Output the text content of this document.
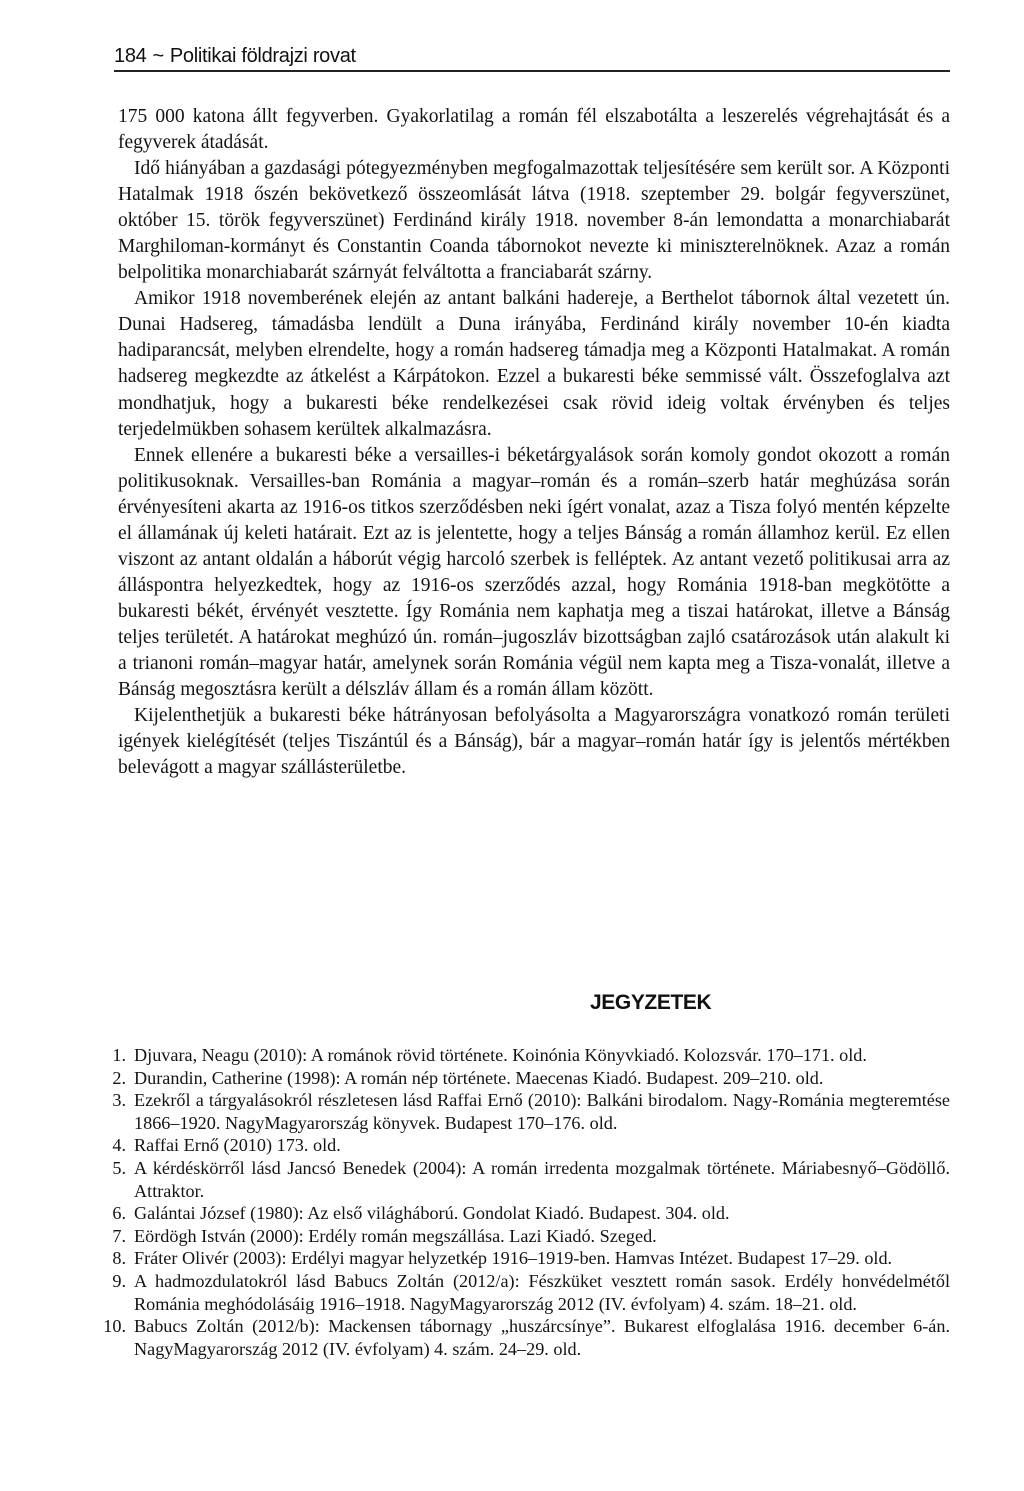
184 ~ Politikai földrajzi rovat

175 000 katona állt fegyverben. Gyakorlatilag a román fél elszabotálta a leszerelés végrehajtását és a fegyverek átadását.

Idő hiányában a gazdasági pótegyezményben megfogalmazottak teljesítésére sem került sor. A Központi Hatalmak 1918 őszén bekövetkező összeomlását látva (1918. szeptember 29. bolgár fegyverszünet, október 15. török fegyverszünet) Ferdinánd király 1918. november 8-án lemondatta a monarchiabarát Marghiloman-kormányt és Constantin Coanda tábornokot nevezte ki miniszterelnöknek. Azaz a román belpolitika monarchiabarát szárnyát felváltotta a franciabarát szárny.

Amikor 1918 novemberének elején az antant balkáni hadereje, a Berthelot tábornok által vezetett ún. Dunai Hadsereg, támadásba lendült a Duna irányába, Ferdinánd király november 10-én kiadta hadiparancsát, melyben elrendelte, hogy a román hadsereg támadja meg a Központi Hatalmakat. A román hadsereg megkezdte az átkelést a Kárpátokon. Ezzel a bukaresti béke semmissé vált. Összefoglalva azt mondhatjuk, hogy a bukaresti béke rendelkezései csak rövid ideig voltak érvényben és teljes terjedelmükben sohasem kerültek alkalmazásra.

Ennek ellenére a bukaresti béke a versailles-i béketárgyalások során komoly gondot okozott a román politikusoknak. Versailles-ban Románia a magyar–román és a román–szerb határ meghúzása során érvényesíteni akarta az 1916-os titkos szerződésben neki ígért vonalat, azaz a Tisza folyó mentén képzelte el államának új keleti határait. Ezt az is jelentette, hogy a teljes Bánság a román államhoz kerül. Ez ellen viszont az antant oldalán a háborút végig harcoló szerbek is felléptek. Az antant vezető politikusai arra az álláspontra helyezkedtek, hogy az 1916-os szerződés azzal, hogy Románia 1918-ban megkötötte a bukaresti békét, érvényét vesztette. Így Románia nem kaphatja meg a tiszai határokat, illetve a Bánság teljes területét. A határokat meghúzó ún. román–jugoszláv bizottságban zajló csatározások után alakult ki a trianoni román–magyar határ, amelynek során Románia végül nem kapta meg a Tisza-vonalát, illetve a Bánság megosztásra került a délszláv állam és a román állam között.

Kijelenthetjük a bukaresti béke hátrányosan befolyásolta a Magyarországra vonatkozó román területi igények kielégítését (teljes Tiszántúl és a Bánság), bár a magyar–román határ így is jelentős mértékben belevágott a magyar szállásterületbe.

JEGYZETEK

1. Djuvara, Neagu (2010): A románok rövid története. Koinónia Könyvkiadó. Kolozsvár. 170–171. old.

2. Durandin, Catherine (1998): A román nép története. Maecenas Kiadó. Budapest. 209–210. old.

3. Ezekről a tárgyalásokról részletesen lásd Raffai Ernő (2010): Balkáni birodalom. Nagy-Románia megteremtése 1866–1920. NagyMagyarország könyvek. Budapest 170–176. old.

4. Raffai Ernő (2010) 173. old.

5. A kérdéskörről lásd Jancsó Benedek (2004): A román irredenta mozgalmak története. Máriabesnyő–Gödöllő. Attraktor.

6. Galántai József (1980): Az első világháború. Gondolat Kiadó. Budapest. 304. old.

7. Eördögh István (2000): Erdély román megszállása. Lazi Kiadó. Szeged.

8. Fráter Olivér (2003): Erdélyi magyar helyzetkép 1916–1919-ben. Hamvas Intézet. Budapest 17–29. old.

9. A hadmozdulatokról lásd Babucs Zoltán (2012/a): Fészküket vesztett román sasok. Erdély honvédelmétől Románia meghódolásáig 1916–1918. NagyMagyarország 2012 (IV. évfolyam) 4. szám. 18–21. old.

10. Babucs Zoltán (2012/b): Mackensen tábornagy „huszárcsínye”. Bukarest elfoglalása 1916. december 6-án. NagyMagyarország 2012 (IV. évfolyam) 4. szám. 24–29. old.
